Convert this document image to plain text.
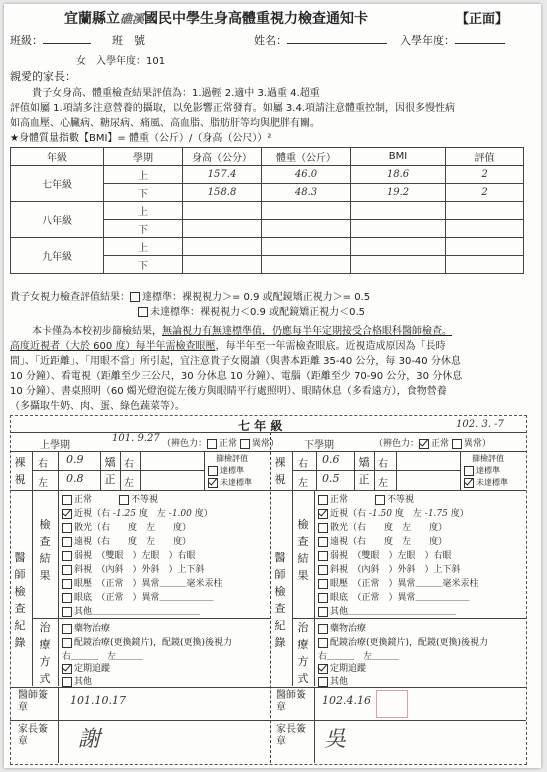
宜蘭縣立礁溪國民中學生身高體重視力檢查通知卡	【正面】
班級：	班　號	姓名：	入學年度：
女　 入學年度：101
親愛的家長：
貴子女身高、體重檢查結果評值為：1.過輕 2.適中 3.過重 4.超重
評值如屬 1.項請多注意營養的攝取，以免影響正常發育。如屬 3.4.項請注意體重控制，因很多慢性病
如高血壓、心臟病、糖尿病、痛風、高血脂、脂肪肝等均與肥胖有關。
★身體質量指數【BMI】= 體重（公斤）/（身高（公尺））²
年級	學期	身高（公分）	體重（公斤）	BMI	評值
七年級	上	157.4	46.0	18.6	2
	下	158.8	48.3	19.2	2
八年級	上				
	下				
九年級	上				
	下				
貴子女視力檢查評值結果： 達標準：裸視視力＞= 0.9 或配鏡矯正視力＞= 0.5
未達標準：裸視視力＜0.9 或配鏡矯正視力＜0.5
本卡僅為本校初步篩檢結果，無論視力有無達標準值，仍應每半年定期接受合格眼科醫師檢查。
高度近視者（大於 600 度）每半年需檢查眼壓，每半年至一年需檢查眼底。近視造成原因為「長時
間」、「近距離」、「用眼不當」所引起，宜注意貴子女閱讀（與書本距離 35-40 公分，每 30-40 分休息
10 分鐘）、看電視（距離至少三公尺，30 分休息 10 分鐘）、電腦（距離至少 70-90 公分，30 分休息
10 分鐘）、書桌照明（60 燭光燈泡從左後方與眼睛平行處照明）、眼睛休息（多看遠方），食物營養
（多攝取牛奶、肉、蛋、綠色蔬菜等）。
七 年 級	102. 3. -7
上學期
101. 9.27 （辨色力： 正常 異常）
裸視
右 0.9
左 0.8
矯正
右
左
篩檢評值
達標準
未達標準
醫師檢查紀錄
檢查結果
治療方式
正常　　　	不等視
近視（右 -1.25 度　 左 -1.00 度）
散光（右　　 度　 左　　 度）
遠視（右　　 度　 左　　 度）
弱視　（雙眼　）左眼　）右眼
斜視　（內斜　）外斜　）上下斜
眼壓　（正常　）異常＿＿＿毫米汞柱
眼底　（正常　）異常＿＿＿＿＿＿
其他＿＿＿＿＿＿＿＿＿＿＿＿
藥物治療
配鏡治療(更換鏡片)，配鏡(更換)後視力
右＿＿＿　左＿＿＿
定期追蹤
其他
醫師簽章
101.10.17
家長簽章	謝
下學期	（辨色力： 正常 異常）
裸視
右 0.6
左 0.5
矯正
右
左
篩檢評值
達標準
未達標準
醫師檢查紀錄
檢查結果
治療方式
正常　　　	不等視
近視（右 -1.50 度　 左 -1.75 度）
散光（右　　 度　 左　　 度）
遠視（右　　 度　 左　　 度）
弱視　（雙眼　）左眼　）右眼
斜視　（內斜　）外斜　）上下斜
眼壓　（正常　）異常＿＿＿毫米汞柱
眼底　（正常　）異常＿＿＿＿＿＿
其他＿＿＿＿＿＿＿＿＿＿＿＿
藥物治療
配鏡治療(更換鏡片)，配鏡(更換)後視力
右＿＿＿　左＿＿＿
定期追蹤
其他
醫師簽章
102.4.16
家長簽章	吳
